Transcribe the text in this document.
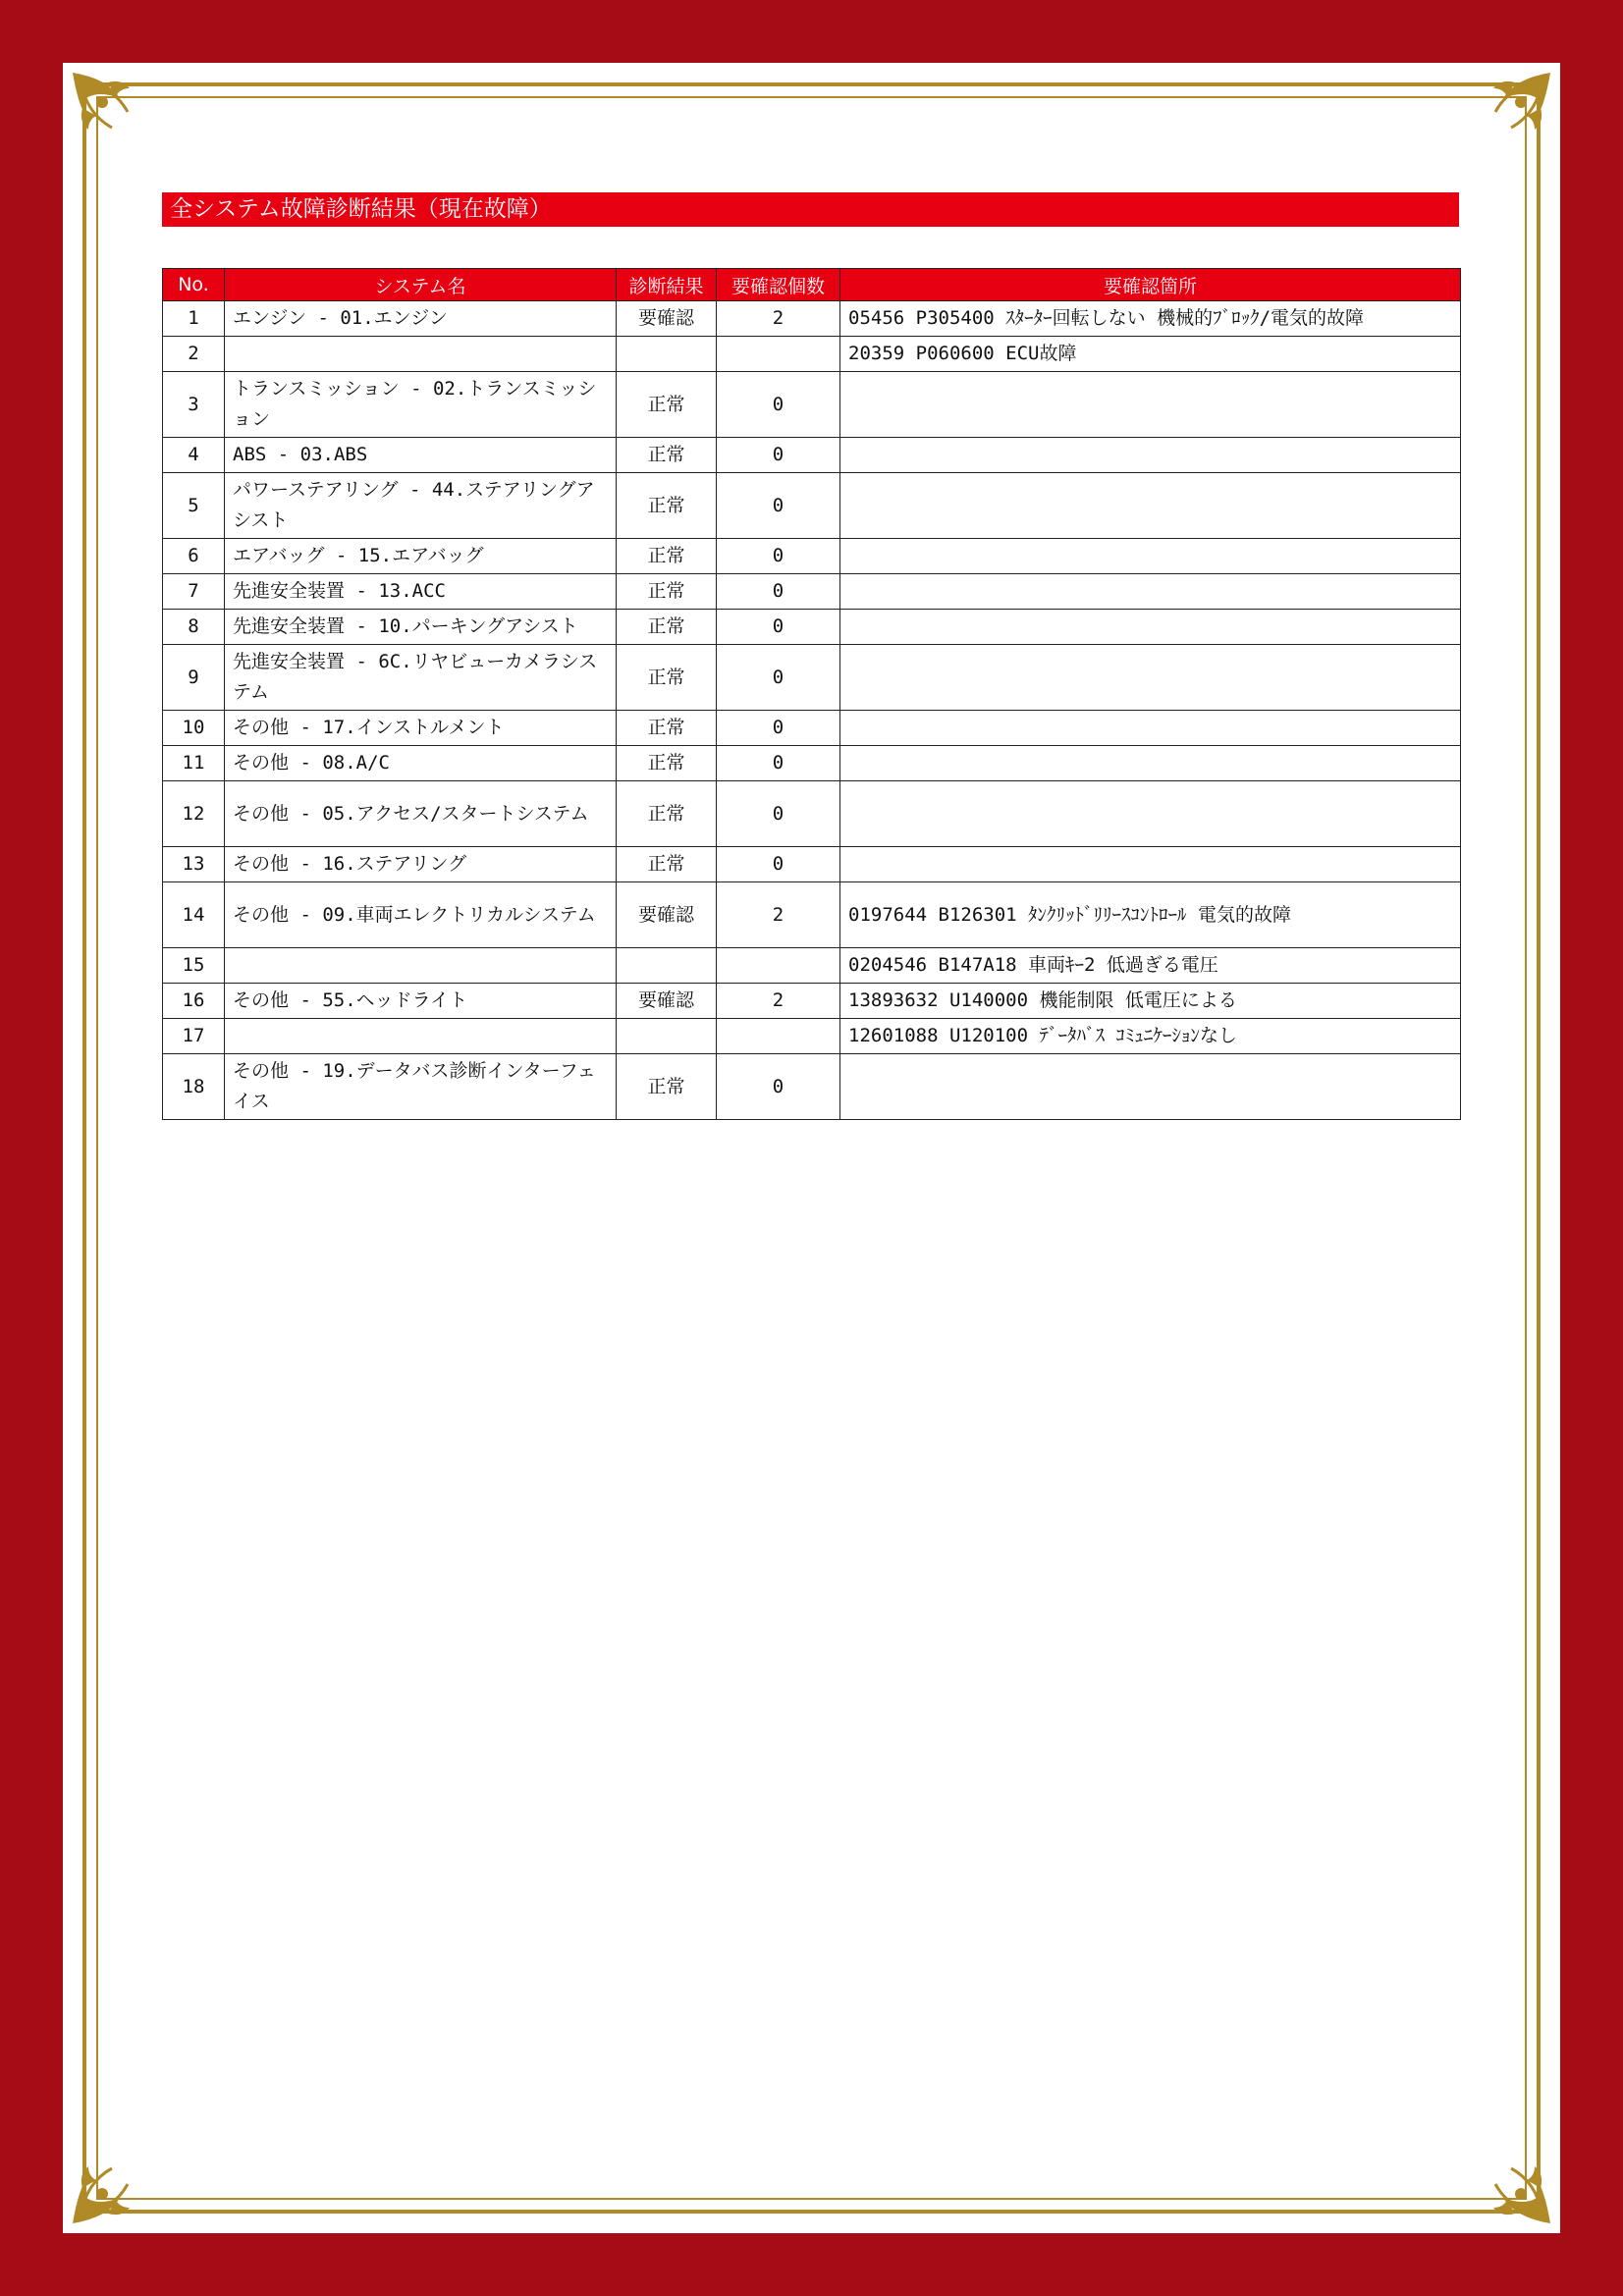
全システム故障診断結果（現在故障）
No.	システム名	診断結果	要確認個数	要確認箇所
1	エンジン - 01.エンジン	要確認	2	05456 P305400 ｽﾀｰﾀｰ回転しない 機械的ﾌﾞﾛｯｸ/電気的故障
2				20359 P060600 ECU故障
3	トランスミッション - 02.トランスミッション	正常	0	
4	ABS - 03.ABS	正常	0	
5	パワーステアリング - 44.ステアリングアシスト	正常	0	
6	エアバッグ - 15.エアバッグ	正常	0	
7	先進安全装置 - 13.ACC	正常	0	
8	先進安全装置 - 10.パーキングアシスト	正常	0	
9	先進安全装置 - 6C.リヤビューカメラシステム	正常	0	
10	その他 - 17.インストルメント	正常	0	
11	その他 - 08.A/C	正常	0	
12	その他 - 05.アクセス/スタートシステム	正常	0	
13	その他 - 16.ステアリング	正常	0	
14	その他 - 09.車両エレクトリカルシステム	要確認	2	0197644 B126301 ﾀﾝｸﾘｯﾄﾞﾘﾘｰｽｺﾝﾄﾛｰﾙ 電気的故障
15				0204546 B147A18 車両ｷｰ2 低過ぎる電圧
16	その他 - 55.ヘッドライト	要確認	2	13893632 U140000 機能制限 低電圧による
17				12601088 U120100 ﾃﾞｰﾀﾊﾞｽ ｺﾐｭﾆｹｰｼｮﾝなし
18	その他 - 19.データバス診断インターフェイス	正常	0	
